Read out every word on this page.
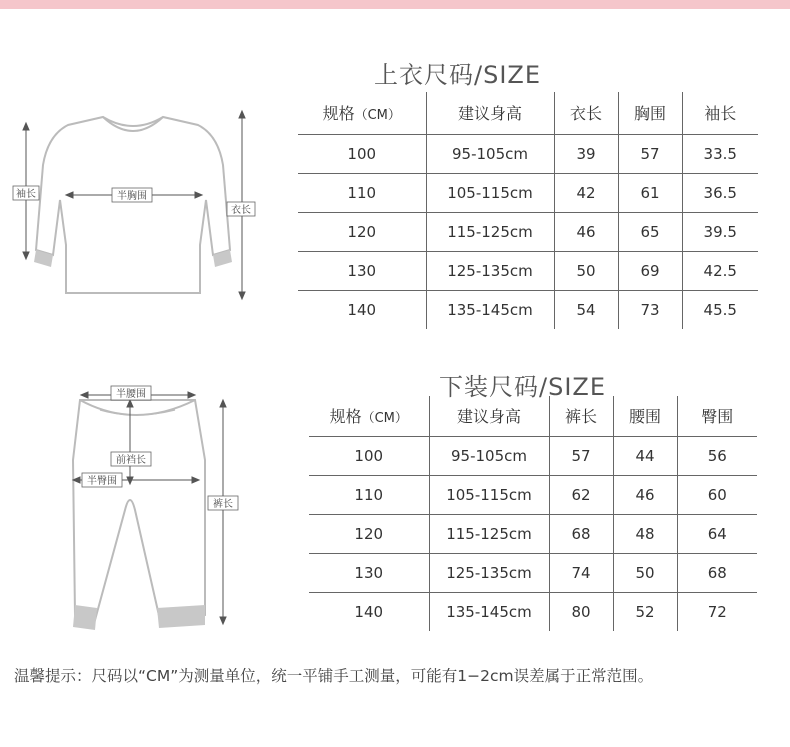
袖长	半胸围
衣长
上衣尺码/SIZE
规格（CM）	建议身高	衣长	胸围	袖长
100	95-105cm	39	57	33.5
110	105-115cm	42	61	36.5
120	115-125cm	46	65	39.5
130	125-135cm	50	69	42.5
140	135-145cm	54	73	45.5
半腰围
前裆长
半臀围
裤长
下装尺码/SIZE
规格（CM）	建议身高	裤长	腰围	臀围
100	95-105cm	57	44	56
110	105-115cm	62	46	60
120	115-125cm	68	48	64
130	125-135cm	74	50	68
140	135-145cm	80	52	72
温馨提示：尺码以“CM”为测量单位，统一平铺手工测量，可能有1−2cm误差属于正常范围。
